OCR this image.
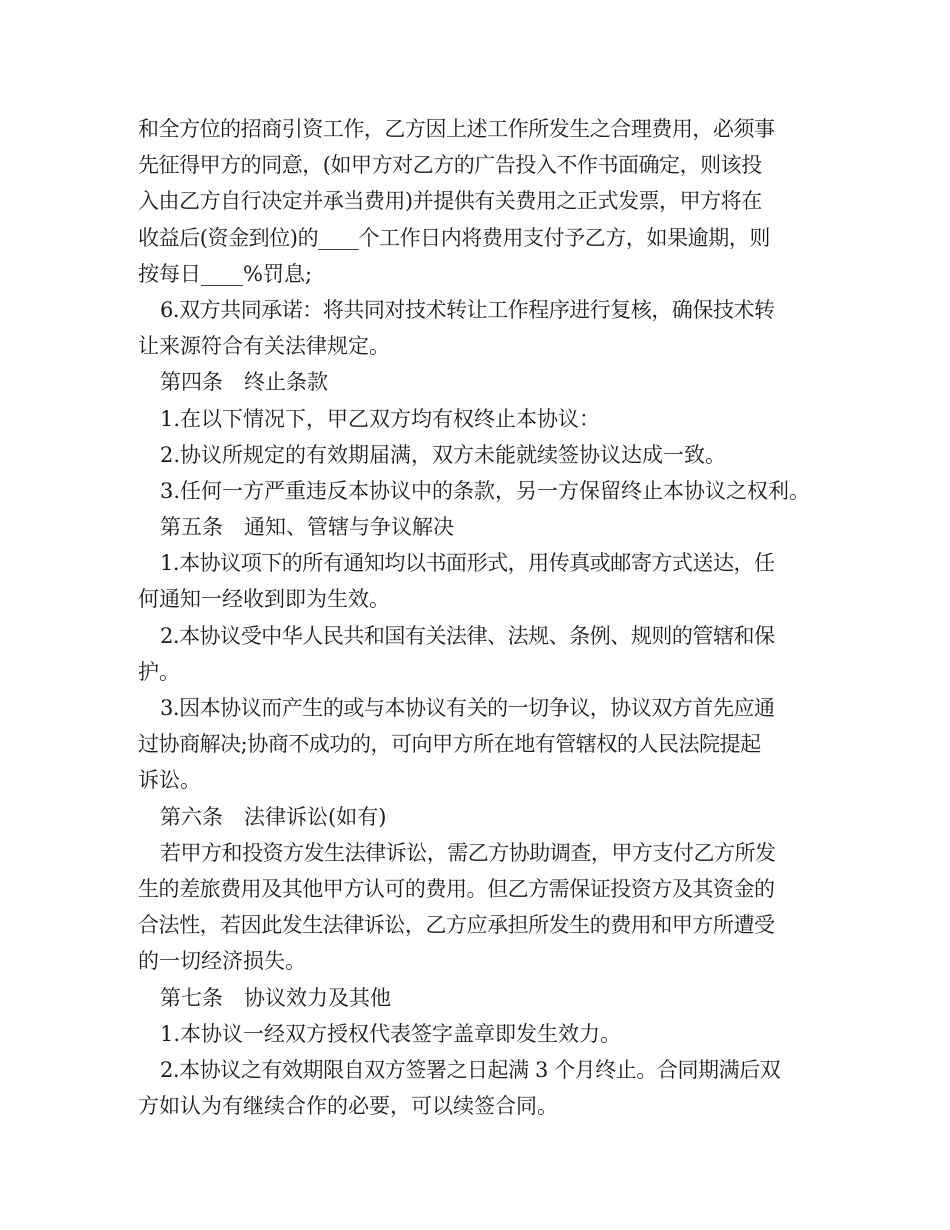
和全方位的招商引资工作，乙方因上述工作所发生之合理费用，必须事
先征得甲方的同意，(如甲方对乙方的广告投入不作书面确定，则该投
入由乙方自行决定并承当费用)并提供有关费用之正式发票，甲方将在
收益后(资金到位)的____个工作日内将费用支付予乙方，如果逾期，则
按每日____%罚息;
6.双方共同承诺：将共同对技术转让工作程序进行复核，确保技术转
让来源符合有关法律规定。
第四条　终止条款
1.在以下情况下，甲乙双方均有权终止本协议：
2.协议所规定的有效期届满，双方未能就续签协议达成一致。
3.任何一方严重违反本协议中的条款，另一方保留终止本协议之权利。
第五条　通知、管辖与争议解决
1.本协议项下的所有通知均以书面形式，用传真或邮寄方式送达，任
何通知一经收到即为生效。
2.本协议受中华人民共和国有关法律、法规、条例、规则的管辖和保
护。
3.因本协议而产生的或与本协议有关的一切争议，协议双方首先应通
过协商解决;协商不成功的，可向甲方所在地有管辖权的人民法院提起
诉讼。
第六条　法律诉讼(如有)
若甲方和投资方发生法律诉讼，需乙方协助调查，甲方支付乙方所发
生的差旅费用及其他甲方认可的费用。但乙方需保证投资方及其资金的
合法性，若因此发生法律诉讼，乙方应承担所发生的费用和甲方所遭受
的一切经济损失。
第七条　协议效力及其他
1.本协议一经双方授权代表签字盖章即发生效力。
2.本协议之有效期限自双方签署之日起满 3 个月终止。合同期满后双
方如认为有继续合作的必要，可以续签合同。
